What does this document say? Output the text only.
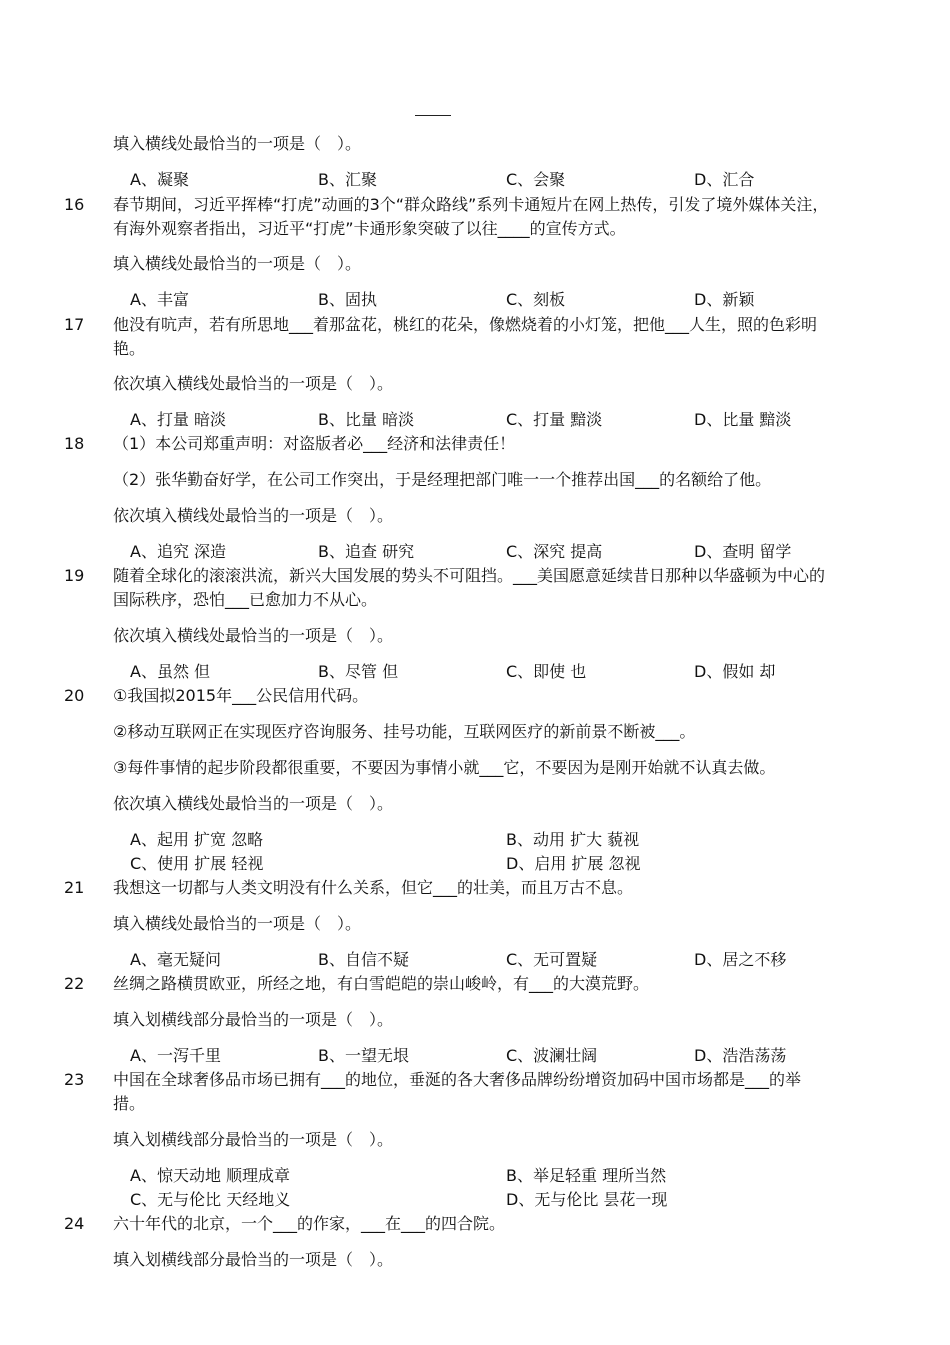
填入横线处最恰当的一项是（　）。
A、凝聚	B、汇聚	C、会聚	D、汇合
16 春节期间，习近平挥棒“打虎”动画的3个“群众路线”系列卡通短片在网上热传，引发了境外媒体关注，
有海外观察者指出，习近平“打虎”卡通形象突破了以往____的宣传方式。
填入横线处最恰当的一项是（　）。
A、丰富	B、固执	C、刻板	D、新颖
17 他没有吭声，若有所思地___着那盆花，桃红的花朵，像燃烧着的小灯笼，把他___人生，照的色彩明
艳。
依次填入横线处最恰当的一项是（　）。
A、打量 暗淡	B、比量 暗淡	C、打量 黯淡	D、比量 黯淡
18 （1）本公司郑重声明：对盗版者必___经济和法律责任！
（2）张华勤奋好学，在公司工作突出，于是经理把部门唯一一个推荐出国___的名额给了他。
依次填入横线处最恰当的一项是（　）。
A、追究 深造	B、追查 研究	C、深究 提高	D、查明 留学
19 随着全球化的滚滚洪流，新兴大国发展的势头不可阻挡。___美国愿意延续昔日那种以华盛顿为中心的
国际秩序，恐怕___已愈加力不从心。
依次填入横线处最恰当的一项是（　）。
A、虽然 但	B、尽管 但	C、即使 也	D、假如 却
20 ①我国拟2015年___公民信用代码。
②移动互联网正在实现医疗咨询服务、挂号功能，互联网医疗的新前景不断被___。
③每件事情的起步阶段都很重要，不要因为事情小就___它，不要因为是刚开始就不认真去做。
依次填入横线处最恰当的一项是（　）。
A、起用 扩宽 忽略	B、动用 扩大 藐视
C、使用 扩展 轻视	D、启用 扩展 忽视
21 我想这一切都与人类文明没有什么关系，但它___的壮美，而且万古不息。
填入横线处最恰当的一项是（　）。
A、毫无疑问	B、自信不疑	C、无可置疑	D、居之不移
22 丝绸之路横贯欧亚，所经之地，有白雪皑皑的崇山峻岭，有___的大漠荒野。
填入划横线部分最恰当的一项是（　）。
A、一泻千里	B、一望无垠	C、波澜壮阔	D、浩浩荡荡
23 中国在全球奢侈品市场已拥有___的地位，垂涎的各大奢侈品牌纷纷增资加码中国市场都是___的举
措。
填入划横线部分最恰当的一项是（　）。
A、惊天动地 顺理成章	B、举足轻重 理所当然
C、无与伦比 天经地义	D、无与伦比 昙花一现
24 六十年代的北京，一个___的作家，___在___的四合院。
填入划横线部分最恰当的一项是（　）。
